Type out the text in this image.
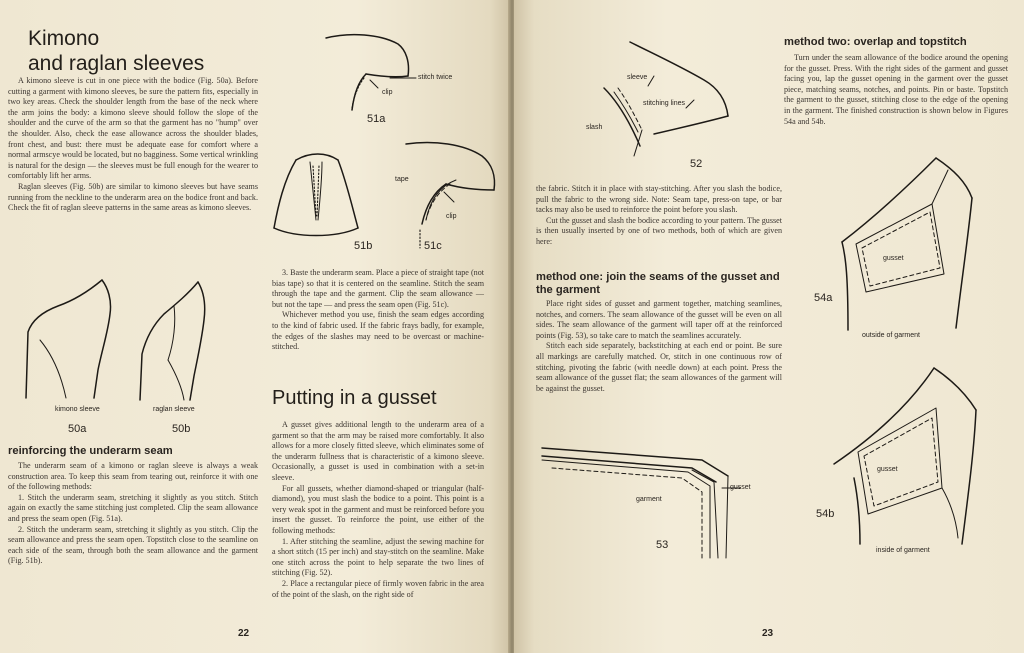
Kimono
and raglan sleeves

A kimono sleeve is cut in one piece with the bodice (Fig. 50a). Before cutting a garment with kimono sleeves, be sure the pattern fits, especially in two key areas. Check the shoulder length from the base of the neck where the arm joins the body: a kimono sleeve should follow the slope of the shoulder and the curve of the arm so that the garment has no "hump" over the shoulder. Also, check the ease allowance across the shoulder blades, front chest, and bust: there must be adequate ease for comfort where a normal armscye would be located, but no bagginess. Some vertical wrinkling is natural for the design — the sleeves must be full enough for the wearer to comfortably lift her arms.

Raglan sleeves (Fig. 50b) are similar to kimono sleeves but have seams running from the neckline to the underarm area on the bodice front and back. Check the fit of raglan sleeve patterns in the same areas as kimono sleeves.

kimono sleeve	raglan sleeve
50a	50b
reinforcing the underarm seam

The underarm seam of a kimono or raglan sleeve is always a weak construction area. To keep this seam from tearing out, reinforce it with one of the following methods:

1. Stitch the underarm seam, stretching it slightly as you stitch. Stitch again on exactly the same stitching just completed. Clip the seam allowance and press the seam open (Fig. 51a).

2. Stitch the underarm seam, stretching it slightly as you stitch. Clip the seam allowance and press the seam open. Topstitch close to the seamline on each side of the seam, through both the seam allowance and the garment (Fig. 51b).

stitch twice
clip
51a
51b
tape
clip
51c

3. Baste the underarm seam. Place a piece of straight tape (not bias tape) so that it is centered on the seamline. Stitch the seam through the tape and the garment. Clip the seam allowance — but not the tape — and press the seam open (Fig. 51c).

Whichever method you use, finish the seam edges according to the kind of fabric used. If the fabric frays badly, for example, the edges of the slashes may need to be overcast or machine-stitched.

Putting in a gusset

A gusset gives additional length to the underarm area of a garment so that the arm may be raised more comfortably. It also allows for a more closely fitted sleeve, which eliminates some of the underarm fullness that is characteristic of a kimono sleeve. Occasionally, a gusset is used in combination with a set-in sleeve.

For all gussets, whether diamond-shaped or triangular (half-diamond), you must slash the bodice to a point. This point is a very weak spot in the garment and must be reinforced before you insert the gusset. To reinforce the point, use either of the following methods:

1. After stitching the seamline, adjust the sewing machine for a short stitch (15 per inch) and stay-stitch on the seamline. Make one stitch across the point to help separate the two lines of stitching (Fig. 52).

2. Place a rectangular piece of firmly woven fabric in the area of the point of the slash, on the right side of

22
sleeve
stitching lines
slash
52

the fabric. Stitch it in place with stay-stitching. After you slash the bodice, pull the fabric to the wrong side. Note: Seam tape, press-on tape, or bar tacks may also be used to reinforce the point before you slash.

Cut the gusset and slash the bodice according to your pattern. The gusset is then usually inserted by one of two methods, both of which are given here:

method one: join the seams of the gusset and the garment

Place right sides of gusset and garment together, matching seamlines, notches, and corners. The seam allowance of the gusset will be even on all sides. The seam allowance of the garment will taper off at the reinforced points (Fig. 53), so take care to match the seamlines accurately.

Stitch each side separately, backstitching at each end or point. Be sure all markings are carefully matched. Or, stitch in one continuous row of stitching, pivoting the fabric (with needle down) at each point. Press the seam allowance of the gusset flat; the seam allowances of the garment will be against the gusset.

garment
gusset
53
method two: overlap and topstitch

Turn under the seam allowance of the bodice around the opening for the gusset. Press. With the right sides of the garment and gusset facing you, lap the gusset opening in the garment over the gusset piece, matching seams, notches, and points. Pin or baste. Topstitch the garment to the gusset, stitching close to the edge of the opening in the garment. The finished construction is shown below in Figures 54a and 54b.

gusset
outside of garment
54a
gusset
inside of garment
54b
23
